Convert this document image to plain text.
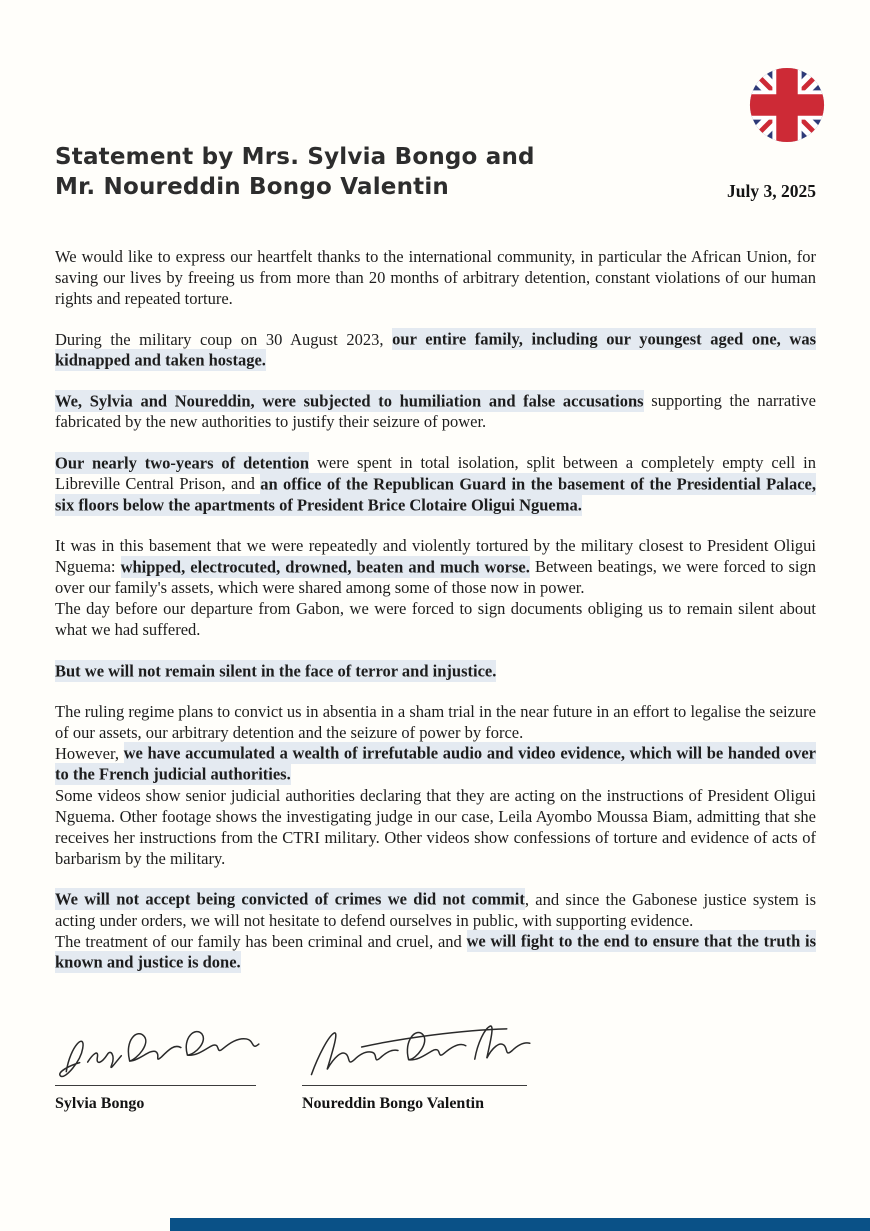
Statement by Mrs. Sylvia Bongo and Mr. Noureddin Bongo Valentin	July 3, 2025

We would like to express our heartfelt thanks to the international community, in particular the African Union, for saving our lives by freeing us from more than 20 months of arbitrary detention, constant violations of our human rights and repeated torture.

During the military coup on 30 August 2023, our entire family, including our youngest aged one, was kidnapped and taken hostage.

We, Sylvia and Noureddin, were subjected to humiliation and false accusations supporting the narrative fabricated by the new authorities to justify their seizure of power.

Our nearly two-years of detention were spent in total isolation, split between a completely empty cell in Libreville Central Prison, and an office of the Republican Guard in the basement of the Presidential Palace, six floors below the apartments of President Brice Clotaire Oligui Nguema.

It was in this basement that we were repeatedly and violently tortured by the military closest to President Oligui Nguema: whipped, electrocuted, drowned, beaten and much worse. Between beatings, we were forced to sign over our family's assets, which were shared among some of those now in power.
The day before our departure from Gabon, we were forced to sign documents obliging us to remain silent about what we had suffered.

But we will not remain silent in the face of terror and injustice.

The ruling regime plans to convict us in absentia in a sham trial in the near future in an effort to legalise the seizure of our assets, our arbitrary detention and the seizure of power by force.
However, we have accumulated a wealth of irrefutable audio and video evidence, which will be handed over to the French judicial authorities.
Some videos show senior judicial authorities declaring that they are acting on the instructions of President Oligui Nguema. Other footage shows the investigating judge in our case, Leila Ayombo Moussa Biam, admitting that she receives her instructions from the CTRI military. Other videos show confessions of torture and evidence of acts of barbarism by the military.

We will not accept being convicted of crimes we did not commit, and since the Gabonese justice system is acting under orders, we will not hesitate to defend ourselves in public, with supporting evidence.
The treatment of our family has been criminal and cruel, and we will fight to the end to ensure that the truth is known and justice is done.

Sylvia Bongo	Noureddin Bongo Valentin
